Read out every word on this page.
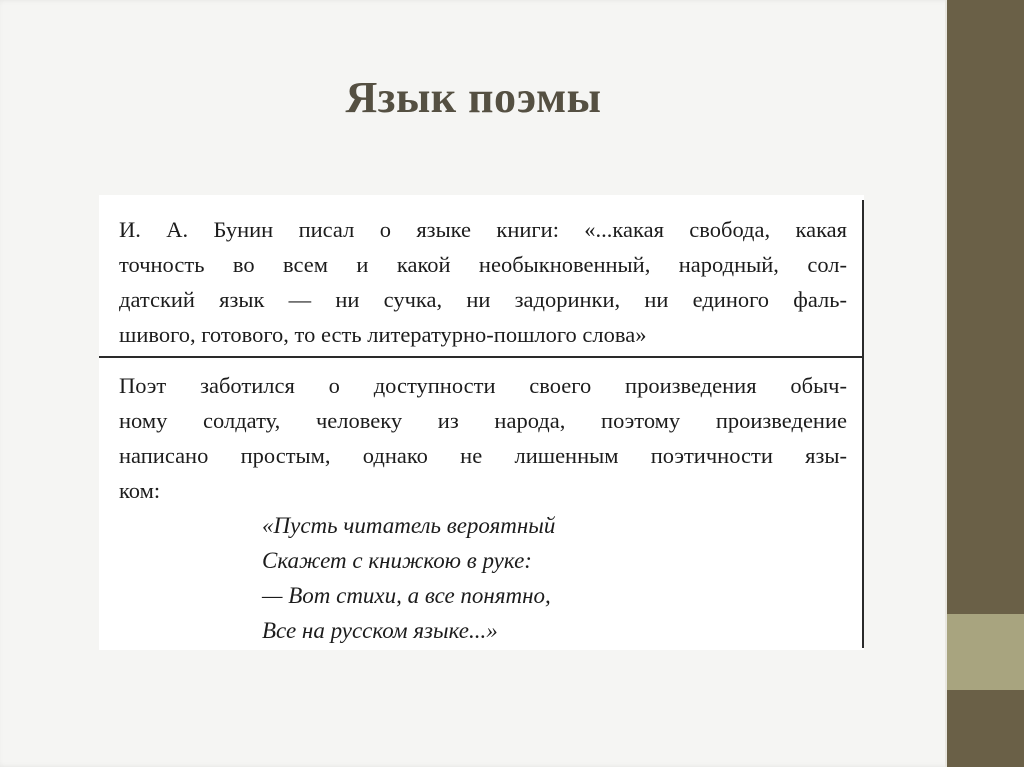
Язык поэмы
И. А. Бунин писал о языке книги: «...какая свобода, какая
точность во всем и какой необыкновенный, народный, сол-
датский язык — ни сучка, ни задоринки, ни единого фаль-
шивого, готового, то есть литературно-пошлого слова»
Поэт заботился о доступности своего произведения обыч-
ному солдату, человеку из народа, поэтому произведение
написано простым, однако не лишенным поэтичности язы-
ком:
«Пусть читатель вероятный
Скажет с книжкою в руке:
— Вот стихи, а все понятно,
Все на русском языке...»
